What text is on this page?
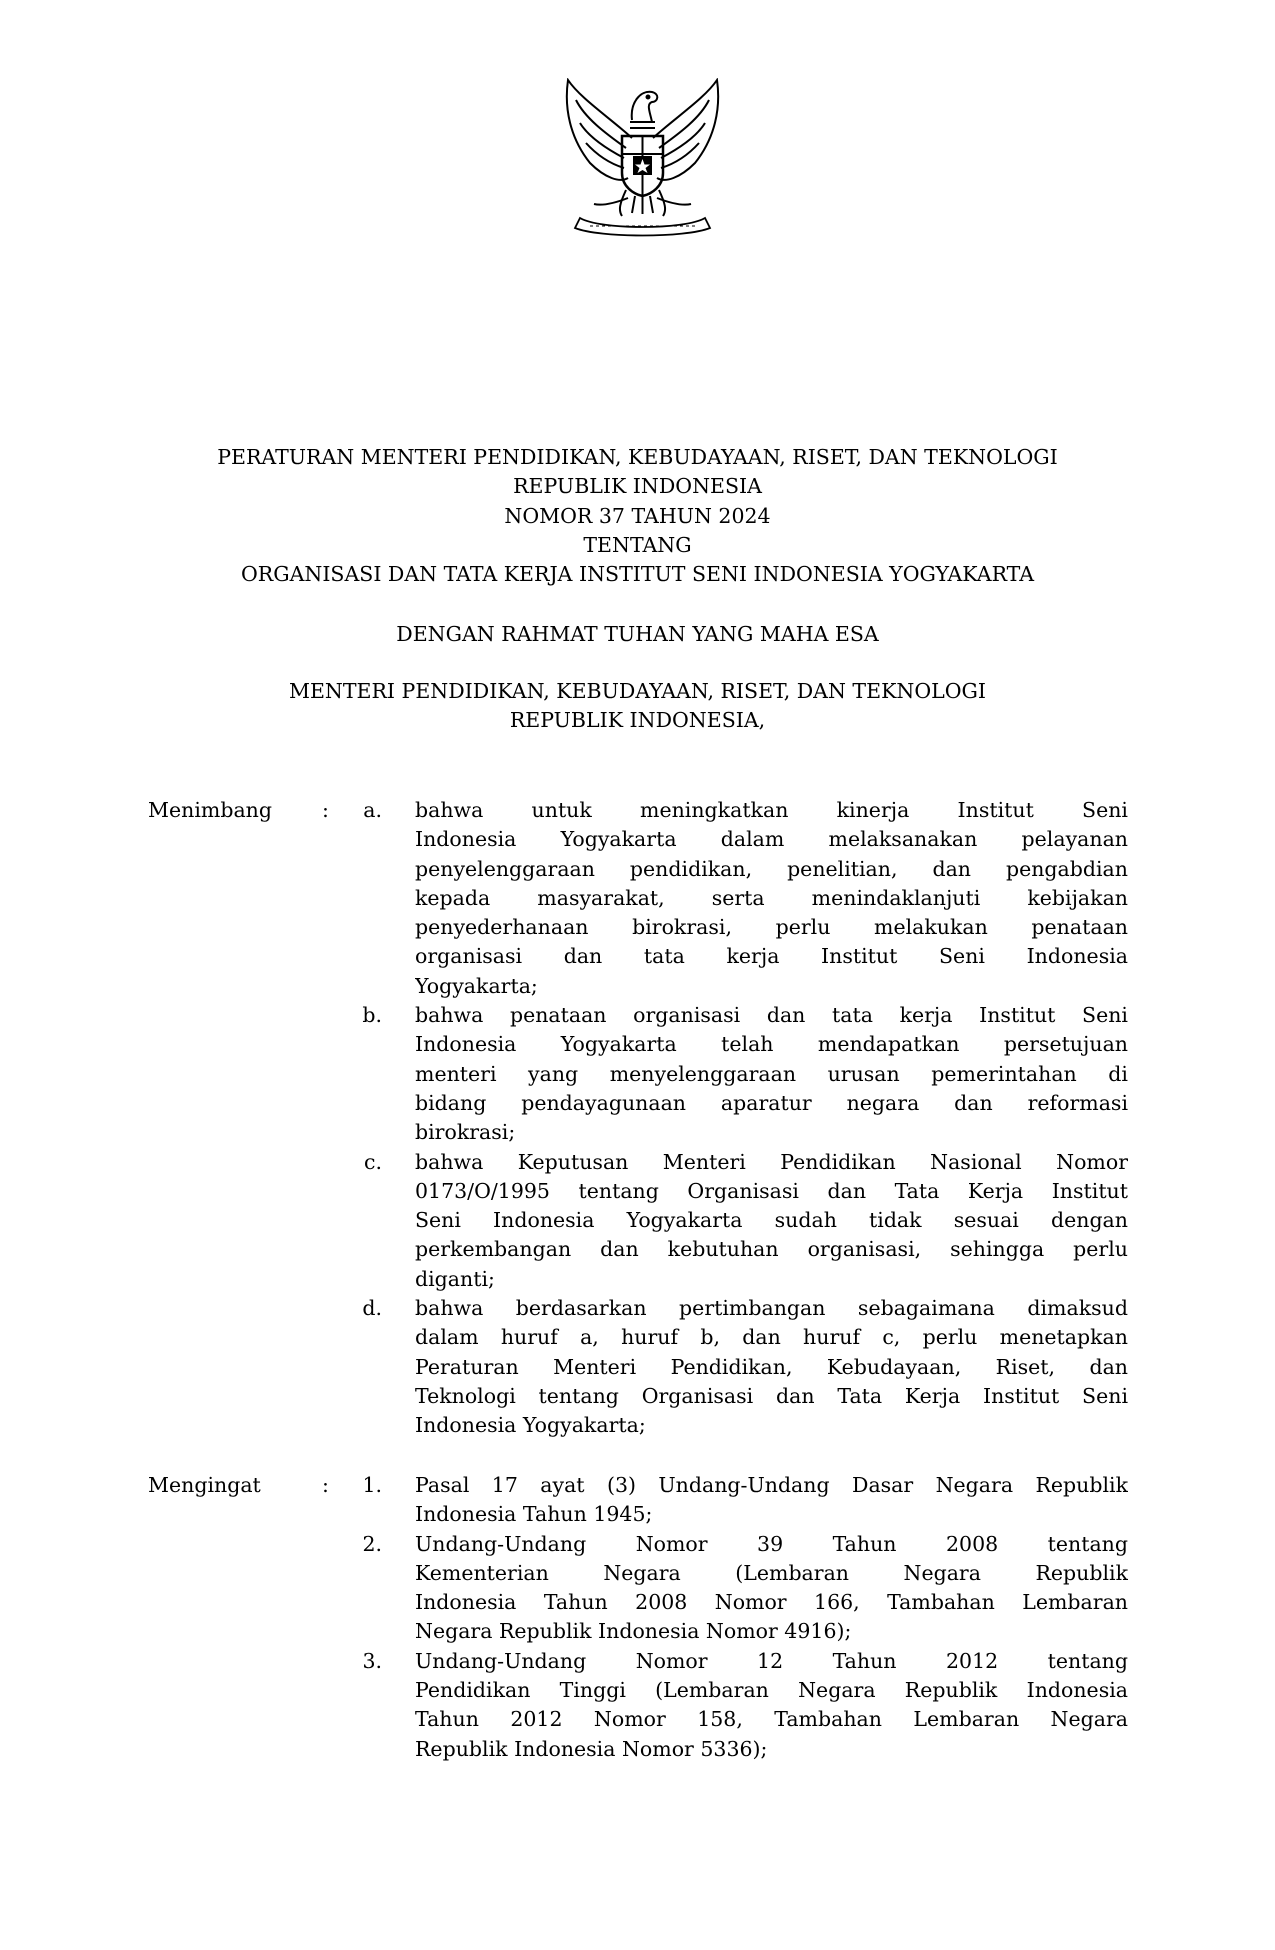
PERATURAN MENTERI PENDIDIKAN, KEBUDAYAAN, RISET, DAN TEKNOLOGI
REPUBLIK INDONESIA
NOMOR 37 TAHUN 2024
TENTANG
ORGANISASI DAN TATA KERJA INSTITUT SENI INDONESIA YOGYAKARTA
DENGAN RAHMAT TUHAN YANG MAHA ESA
MENTERI PENDIDIKAN, KEBUDAYAAN, RISET, DAN TEKNOLOGI
REPUBLIK INDONESIA,
Menimbang :	a. bahwa untuk meningkatkan kinerja Institut Seni
Indonesia Yogyakarta dalam melaksanakan pelayanan
penyelenggaraan pendidikan, penelitian, dan pengabdian
kepada masyarakat, serta menindaklanjuti kebijakan
penyederhanaan birokrasi, perlu melakukan penataan
organisasi dan tata kerja Institut Seni Indonesia
Yogyakarta;
b. bahwa penataan organisasi dan tata kerja Institut Seni
Indonesia Yogyakarta telah mendapatkan persetujuan
menteri yang menyelenggaraan urusan pemerintahan di
bidang pendayagunaan aparatur negara dan reformasi
birokrasi;
c. bahwa Keputusan Menteri Pendidikan Nasional Nomor
0173/O/1995 tentang Organisasi dan Tata Kerja Institut
Seni Indonesia Yogyakarta sudah tidak sesuai dengan
perkembangan dan kebutuhan organisasi, sehingga perlu
diganti;
d. bahwa berdasarkan pertimbangan sebagaimana dimaksud
dalam huruf a, huruf b, dan huruf c, perlu menetapkan
Peraturan Menteri Pendidikan, Kebudayaan, Riset, dan
Teknologi tentang Organisasi dan Tata Kerja Institut Seni
Indonesia Yogyakarta;
Mengingat	:	1. Pasal 17 ayat (3) Undang-Undang Dasar Negara Republik
Indonesia Tahun 1945;
2. Undang-Undang Nomor 39 Tahun 2008 tentang
Kementerian Negara (Lembaran Negara Republik
Indonesia Tahun 2008 Nomor 166, Tambahan Lembaran
Negara Republik Indonesia Nomor 4916);
3. Undang-Undang Nomor 12 Tahun 2012 tentang
Pendidikan Tinggi (Lembaran Negara Republik Indonesia
Tahun 2012 Nomor 158, Tambahan Lembaran Negara
Republik Indonesia Nomor 5336);
